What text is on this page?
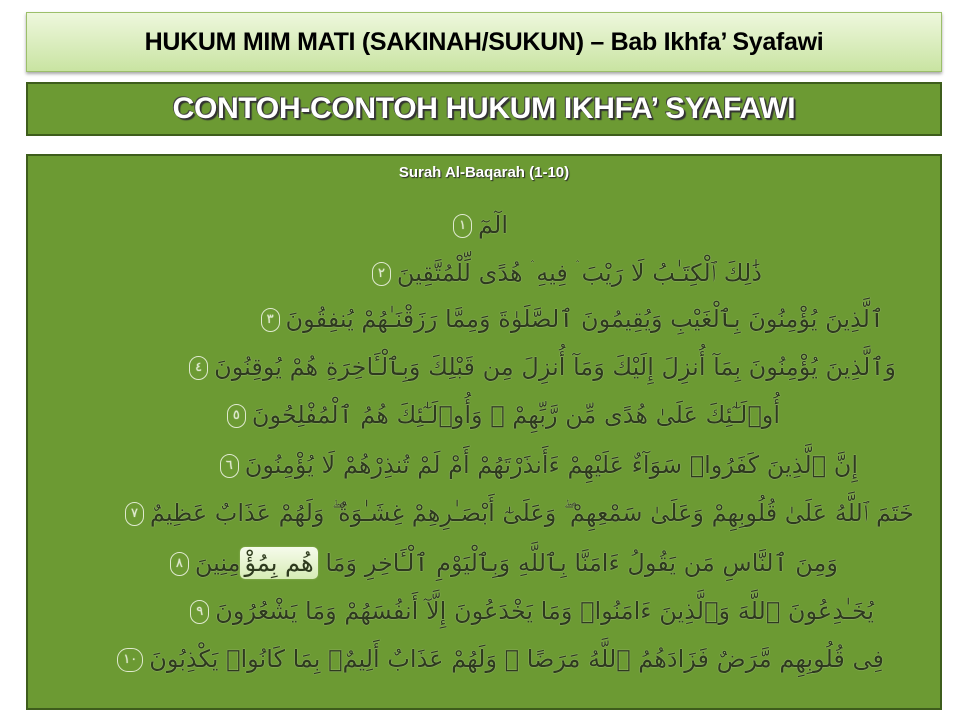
HUKUM MIM MATI (SAKINAH/SUKUN) – Bab Ikhfa’ Syafawi
CONTOH-CONTOH HUKUM IKHFA’ SYAFAWI
Surah Al-Baqarah (1-10)
الٓمٓ١
ذَٰلِكَ ٱلْكِتَـٰبُ لَا رَيْبَ ۛ فِيهِ ۛ هُدًى لِّلْمُتَّقِينَ٢
ٱلَّذِينَ يُؤْمِنُونَ بِٱلْغَيْبِ وَيُقِيمُونَ ٱلصَّلَوٰةَ وَمِمَّا رَزَقْنَـٰهُمْ يُنفِقُونَ٣
وَٱلَّذِينَ يُؤْمِنُونَ بِمَآ أُنزِلَ إِلَيْكَ وَمَآ أُنزِلَ مِن قَبْلِكَ وَبِٱلْـَٔاخِرَةِ هُمْ يُوقِنُونَ٤
أُو۟لَـٰٓئِكَ عَلَىٰ هُدًى مِّن رَّبِّهِمْ ۖ وَأُو۟لَـٰٓئِكَ هُمُ ٱلْمُفْلِحُونَ٥
إِنَّ ٱلَّذِينَ كَفَرُوا۟ سَوَآءٌ عَلَيْهِمْ ءَأَنذَرْتَهُمْ أَمْ لَمْ تُنذِرْهُمْ لَا يُؤْمِنُونَ٦
خَتَمَ ٱللَّهُ عَلَىٰ قُلُوبِهِمْ وَعَلَىٰ سَمْعِهِمْ ۖ وَعَلَىٰٓ أَبْصَـٰرِهِمْ غِشَـٰوَةٌ ۖ وَلَهُمْ عَذَابٌ عَظِيمٌ٧
وَمِنَ ٱلنَّاسِ مَن يَقُولُ ءَامَنَّا بِٱللَّهِ وَبِٱلْيَوْمِ ٱلْـَٔاخِرِ وَمَا هُم بِمُؤْمِنِينَ٨
يُخَـٰدِعُونَ ٱللَّهَ وَٱلَّذِينَ ءَامَنُوا۟ وَمَا يَخْدَعُونَ إِلَّآ أَنفُسَهُمْ وَمَا يَشْعُرُونَ٩
فِى قُلُوبِهِم مَّرَضٌ فَزَادَهُمُ ٱللَّهُ مَرَضًا ۖ وَلَهُمْ عَذَابٌ أَلِيمٌۢ بِمَا كَانُوا۟ يَكْذِبُونَ١٠
